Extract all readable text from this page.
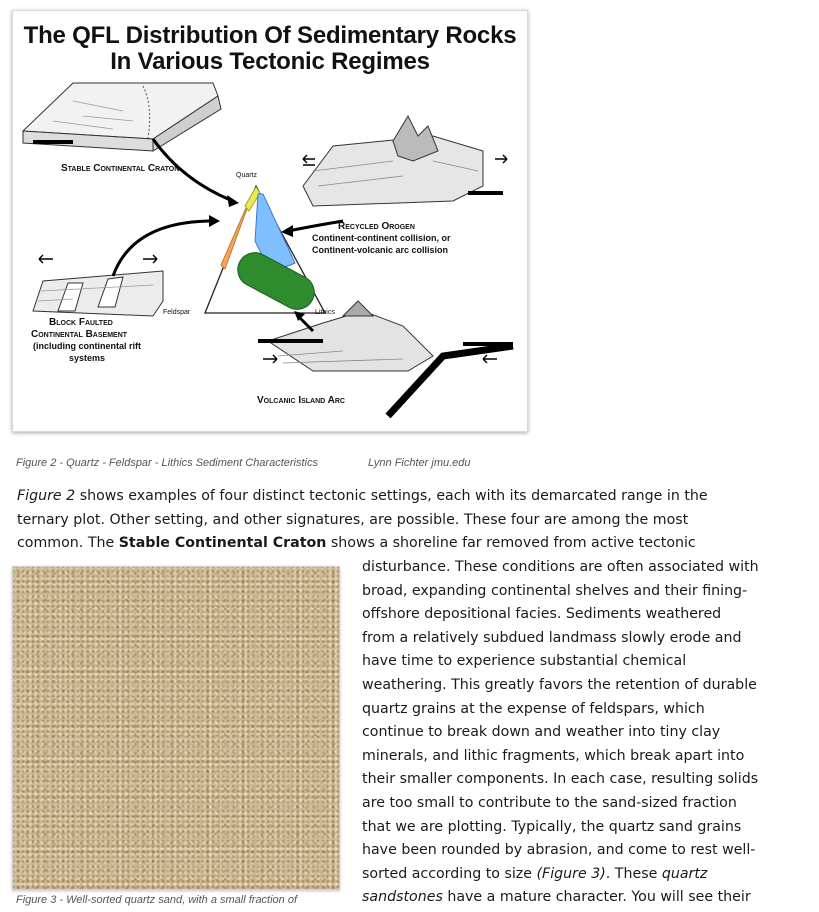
The QFL Distribution Of Sedimentary Rocks
In Various Tectonic Regimes
Stable Continental Craton
Quartz
Recycled Orogen
Continent-continent collision, or
Continent-volcanic arc collision
Feldspar	Lithics
Block Faulted
Continental Basement
(including continental rift
systems
Volcanic Island Arc
Figure 2 - Quartz - Feldspar - Lithics Sediment Characteristics	Lynn Fichter jmu.edu
Figure 2 shows examples of four distinct tectonic settings, each with its demarcated range in the
ternary plot. Other setting, and other signatures, are possible. These four are among the most
common. The Stable Continental Craton shows a shoreline far removed from active tectonic
disturbance. These conditions are often associated with
broad, expanding continental shelves and their fining-
offshore depositional facies. Sediments weathered
from a relatively subdued landmass slowly erode and
have time to experience substantial chemical
weathering. This greatly favors the retention of durable
quartz grains at the expense of feldspars, which
continue to break down and weather into tiny clay
minerals, and lithic fragments, which break apart into
their smaller components. In each case, resulting solids
are too small to contribute to the sand-sized fraction
that we are plotting. Typically, the quartz sand grains
have been rounded by abrasion, and come to rest well-
sorted according to size (Figure 3). These quartz
sandstones have a mature character. You will see their
Figure 3 - Well-sorted quartz sand, with a small fraction of
